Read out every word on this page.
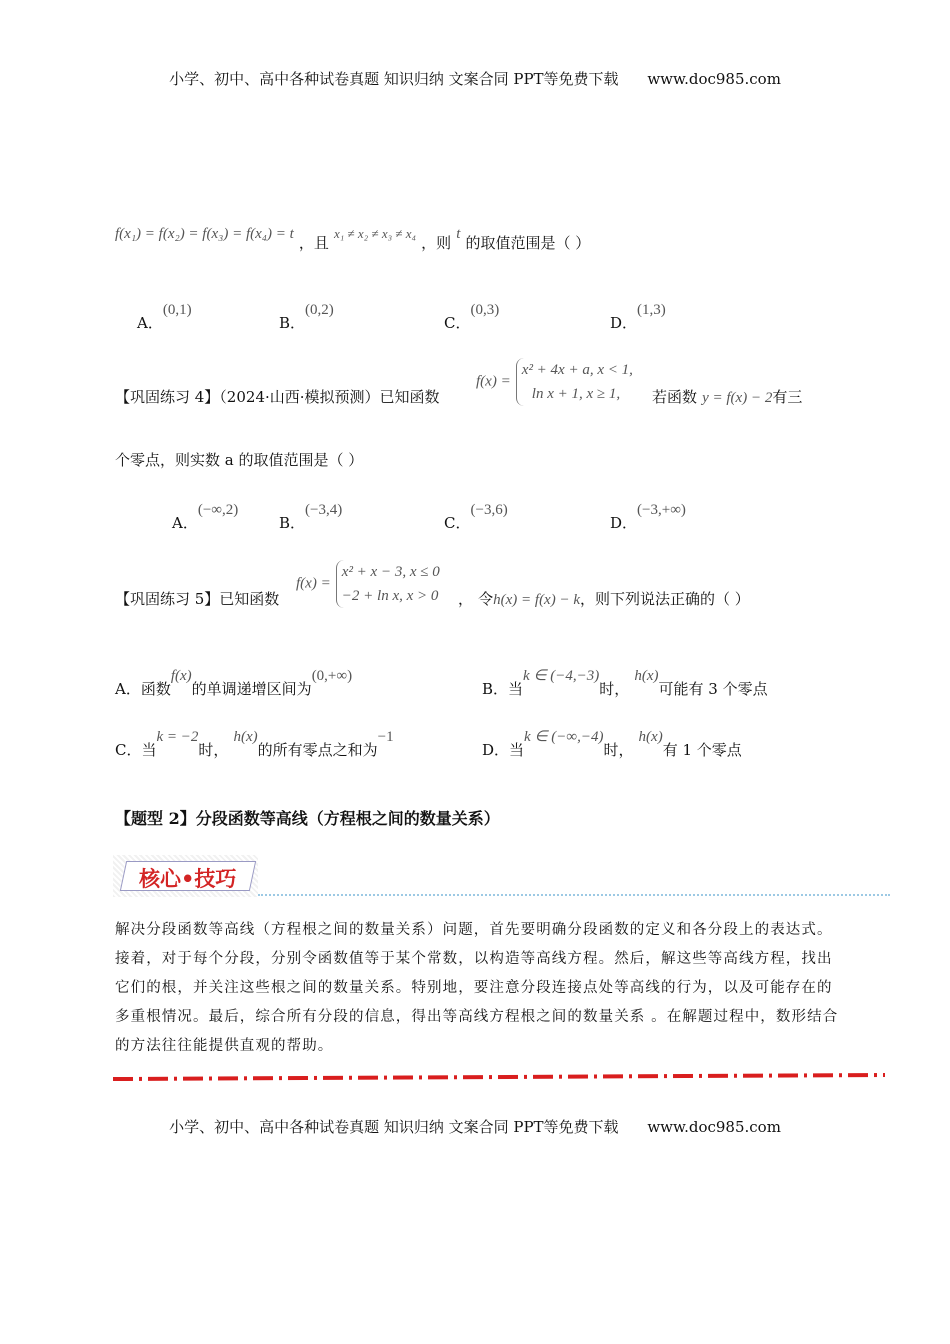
小学、初中、高中各种试卷真题 知识归纳 文案合同 PPT等免费下载 www.doc985.com
f(x₁) = f(x₂) = f(x₃) = f(x₄) = t ，且 x₁ ≠ x₂ ≠ x₃ ≠ x₄ ，则 t 的取值范围是（ ）
A．(0,1)
B．(0,2)
C．(0,3)
D．(1,3)
【巩固练习 4】（2024·山西·模拟预测）已知函数
f(x) =
x² + 4x + a, x < 1,
ln x + 1, x ≥ 1,	若函数 y = f(x) − 2有三
个零点，则实数 a 的取值范围是（ ）
A．(−∞,2)
B．(−3,4)
C．(−3,6)
D．(−3,+∞)
【巩固练习 5】已知函数
f(x) =
x² + x − 3, x ≤ 0
−2 + ln x, x > 0 ， 令h(x) = f(x) − k，则下列说法正确的（ ）
A．函数f(x)的单调递增区间为(0,+∞)
B．当k ∈ (−4,−3)时， h(x)可能有 3 个零点
C．当k = −2时， h(x)的所有零点之和为−1
D．当k ∈ (−∞,−4)时， h(x)有 1 个零点
【题型 2】分段函数等高线（方程根之间的数量关系）
核心•技巧
解决分段函数等高线（方程根之间的数量关系）问题，首先要明确分段函数的定义和各分段上的表达式。接着，对于每个分段，分别令函数值等于某个常数，以构造等高线方程。然后，解这些等高线方程，找出它们的根，并关注这些根之间的数量关系。特别地，要注意分段连接点处等高线的行为，以及可能存在的多重根情况。最后，综合所有分段的信息，得出等高线方程根之间的数量关系 。在解题过程中，数形结合的方法往往能提供直观的帮助。
小学、初中、高中各种试卷真题 知识归纳 文案合同 PPT等免费下载 www.doc985.com
